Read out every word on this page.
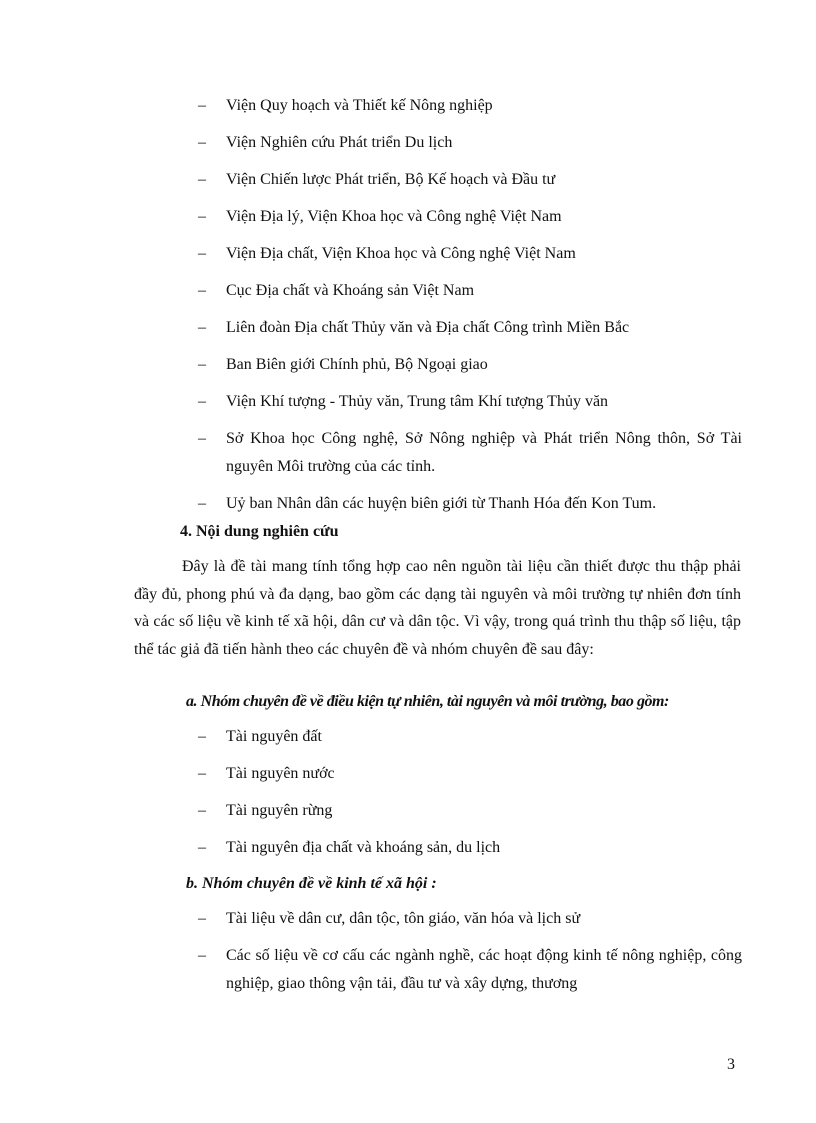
– Viện Quy hoạch và Thiết kế Nông nghiệp
– Viện Nghiên cứu Phát triển Du lịch
– Viện Chiến lược Phát triển, Bộ Kế hoạch và Đầu tư
– Viện Địa lý, Viện Khoa học và Công nghệ Việt Nam
– Viện Địa chất, Viện Khoa học và Công nghệ Việt Nam
– Cục Địa chất và Khoáng sản Việt Nam
– Liên đoàn Địa chất Thủy văn và Địa chất Công trình Miền Bắc
– Ban Biên giới Chính phủ, Bộ Ngoại giao
– Viện Khí tượng - Thủy văn, Trung tâm Khí tượng Thủy văn
– Sở Khoa học Công nghệ, Sở Nông nghiệp và Phát triển Nông thôn, Sở Tài nguyên Môi trường của các tỉnh.
– Uỷ ban Nhân dân các huyện biên giới từ Thanh Hóa đến Kon Tum.
4. Nội dung nghiên cứu

Đây là đề tài mang tính tổng hợp cao nên nguồn tài liệu cần thiết được thu thập phải đầy đủ, phong phú và đa dạng, bao gồm các dạng tài nguyên và môi trường tự nhiên đơn tính và các số liệu về kinh tế xã hội, dân cư và dân tộc. Vì vậy, trong quá trình thu thập số liệu, tập thể tác giả đã tiến hành theo các chuyên đề và nhóm chuyên đề sau đây:

a. Nhóm chuyên đề về điều kiện tự nhiên, tài nguyên và môi trường, bao gồm:
– Tài nguyên đất
– Tài nguyên nước
– Tài nguyên rừng
– Tài nguyên địa chất và khoáng sản, du lịch
b. Nhóm chuyên đề về kinh tế xã hội :
– Tài liệu về dân cư, dân tộc, tôn giáo, văn hóa và lịch sử
– Các số liệu về cơ cấu các ngành nghề, các hoạt động kinh tế nông nghiệp, công nghiệp, giao thông vận tải, đầu tư và xây dựng, thương
3
